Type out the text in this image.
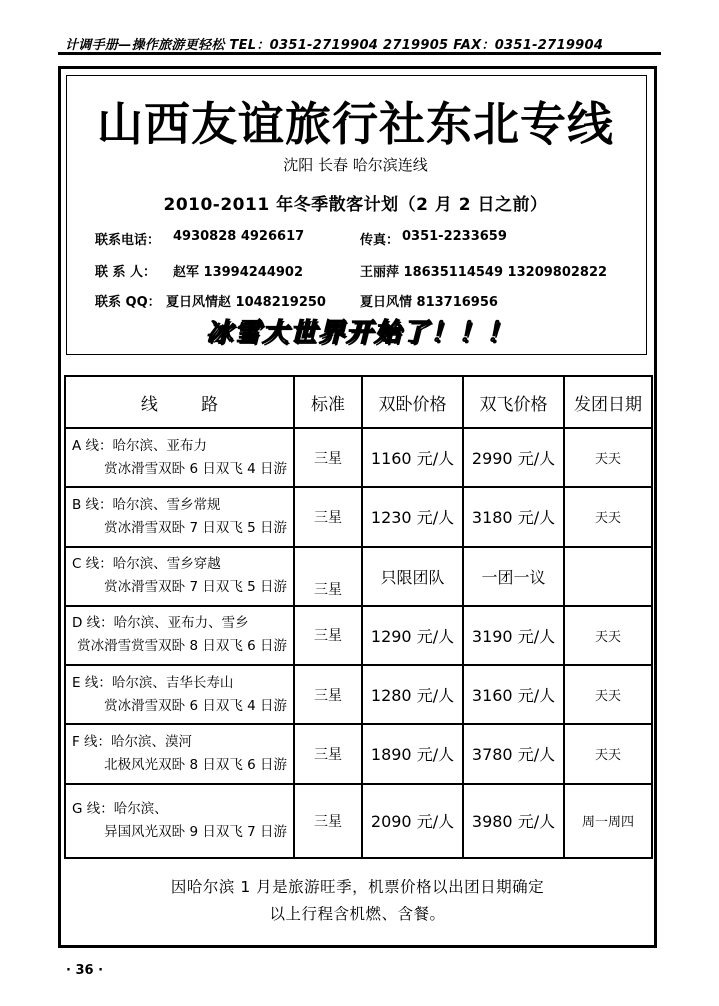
计调手册—操作旅游更轻松 TEL：0351-2719904 2719905 FAX：0351-2719904
山西友谊旅行社东北专线
沈阳 长春 哈尔滨连线
2010-2011 年冬季散客计划（2 月 2 日之前）
联系电话： 4930828 4926617	传真： 0351-2233659
联 系 人： 赵军 13994244902	王丽萍 18635114549 13209802822
联系 QQ： 夏日风情赵 1048219250	夏日风情 813716956
冰雪大世界开始了！！！
线        路	标准	双卧价格	双飞价格	发团日期

A 线：哈尔滨、亚布力
赏冰滑雪双卧 6 日双飞 4 日游	三星	1160 元/人	2990 元/人	天天

B 线：哈尔滨、雪乡常规
赏冰滑雪双卧 7 日双飞 5 日游	三星	1230 元/人	3180 元/人	天天

C 线：哈尔滨、雪乡穿越
赏冰滑雪双卧 7 日双飞 5 日游	三星	只限团队	一团一议	

D 线：哈尔滨、亚布力、雪乡
赏冰滑雪赏雪双卧 8 日双飞 6 日游	三星	1290 元/人	3190 元/人	天天

E 线：哈尔滨、吉华长寿山
赏冰滑雪双卧 6 日双飞 4 日游	三星	1280 元/人	3160 元/人	天天

F 线：哈尔滨、漠河
北极风光双卧 8 日双飞 6 日游	三星	1890 元/人	3780 元/人	天天

G 线：哈尔滨、
异国风光双卧 9 日双飞 7 日游	三星	2090 元/人	3980 元/人	周一周四
因哈尔滨 1 月是旅游旺季，机票价格以出团日期确定
以上行程含机燃、含餐。
· 36 ·
